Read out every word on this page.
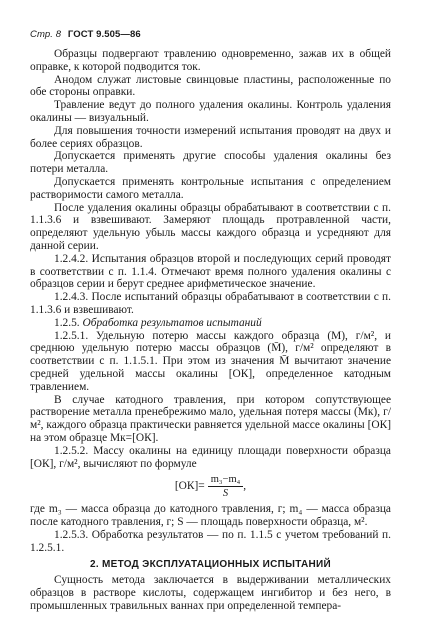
Стр. 8 ГОСТ 9.505—86

Образцы подвергают травлению одновременно, зажав их в общей оправке, к которой подводится ток.

Анодом служат листовые свинцовые пластины, расположенные по обе стороны оправки.

Травление ведут до полного удаления окалины. Контроль удаления окалины — визуальный.

Для повышения точности измерений испытания проводят на двух и более сериях образцов.

Допускается применять другие способы удаления окалины без потери металла.

Допускается применять контрольные испытания с определением растворимости самого металла.

После удаления окалины образцы обрабатывают в соответствии с п. 1.1.3.6 и взвешивают. Замеряют площадь протравленной части, определяют удельную убыль массы каждого образца и усредняют для данной серии.

1.2.4.2. Испытания образцов второй и последующих серий проводят в соответствии с п. 1.1.4. Отмечают время полного удаления окалины с образцов серии и берут среднее арифметическое значение.

1.2.4.3. После испытаний образцы обрабатывают в соответствии с п. 1.1.3.6 и взвешивают.

1.2.5. Обработка результатов испытаний

1.2.5.1. Удельную потерю массы каждого образца (M), г/м², и среднюю удельную потерю массы образцов (M̄), г/м² определяют в соответствии с п. 1.1.5.1. При этом из значения M̄ вычитают значение средней удельной массы окалины [ОК], определенное катодным травлением.

В случае катодного травления, при котором сопутствующее растворение металла пренебрежимо мало, удельная потеря массы (Mк), г/м², каждого образца практически равняется удельной массе окалины [ОК] на этом образце Mк=[ОК].

1.2.5.2. Массу окалины на единицу площади поверхности образца [ОК], г/м², вычисляют по формуле

$[ОК]= \frac{\text{m₃−m₄}}{S}$ ,

где m₃ — масса образца до катодного травления, г; m₄ — масса образца после катодного травления, г; S — площадь поверхности образца, м².

1.2.5.3. Обработка результатов — по п. 1.1.5 с учетом требований п. 1.2.5.1.

2. МЕТОД ЭКСПЛУАТАЦИОННЫХ ИСПЫТАНИЙ

Сущность метода заключается в выдерживании металлических образцов в растворе кислоты, содержащем ингибитор и без него, в промышленных травильных ваннах при определенной темпера-
